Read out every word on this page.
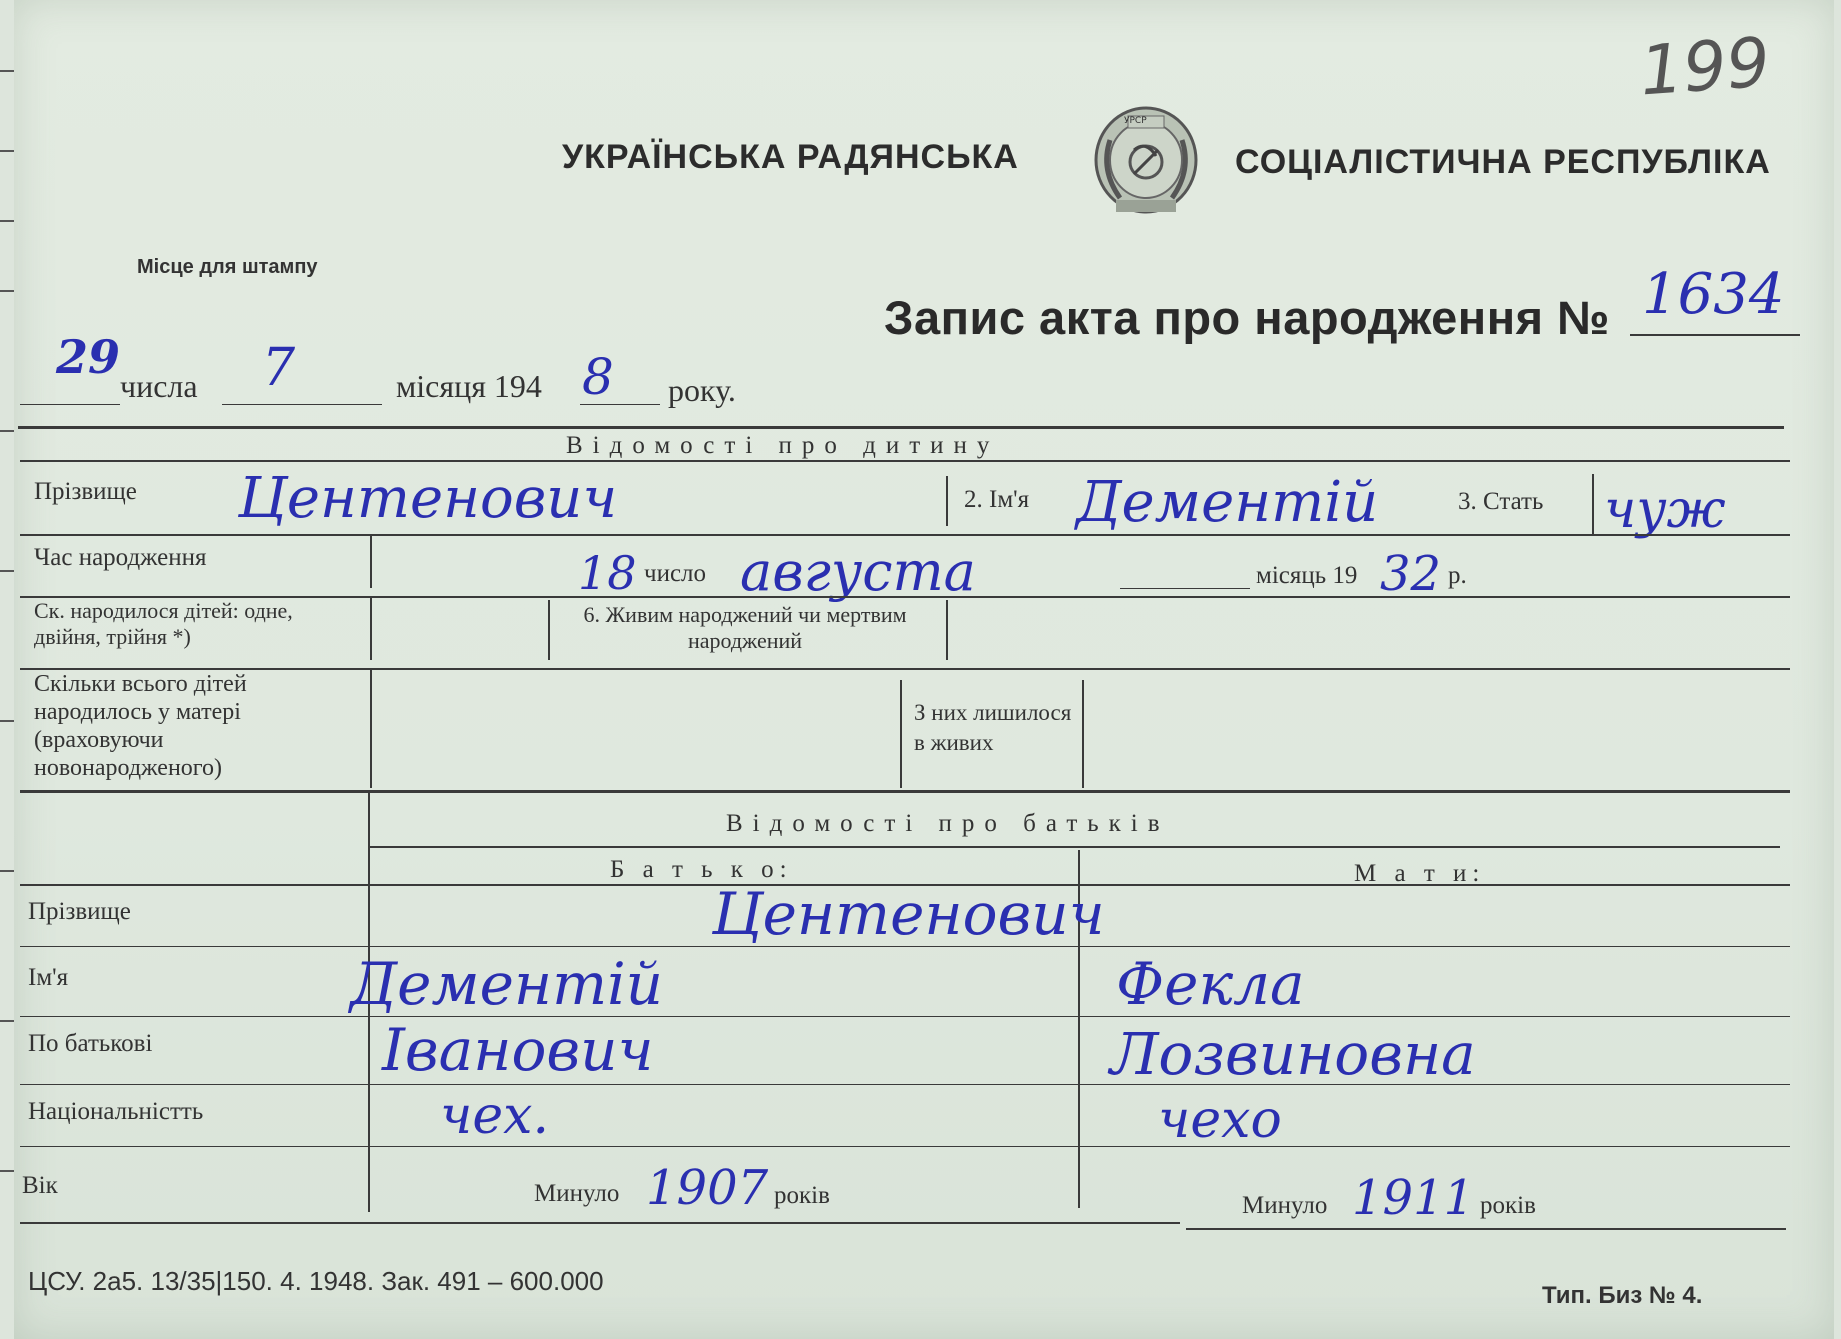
199
УКРАЇНСЬКА РАДЯНСЬКА
УРСР
СОЦІАЛІСТИЧНА РЕСПУБЛІКА
Місце для штампу
Запис акта про народження № 1634
29
числа 7	місяця 194 8 року.
Відомості про дитину
Прізвище Центенович	2. Ім'я Дементій	3. Стать чуж
Час народження	18 число августа	місяць 19 32 р.
Ск. народилося дітей: одне, двійня, трійня *)
6. Живим народжений чи мертвим народжений
Скільки всього дітей народилось у матері (враховуючи новонародженого)
З них лишилося в живих
Відомості про батьків
Б а т ь к о:	М а т и:
Прізвище	Центенович
Ім'я	Дементій	Фекла
По батькові	Іванович	Лозвиновна
Національністть	чех.	чехо
Вік	Минуло 1907 років	Минуло 1911 років
ЦСУ. 2а5. 13/35|150. 4. 1948. Зак. 491 – 600.000	Тип. Биз № 4.
